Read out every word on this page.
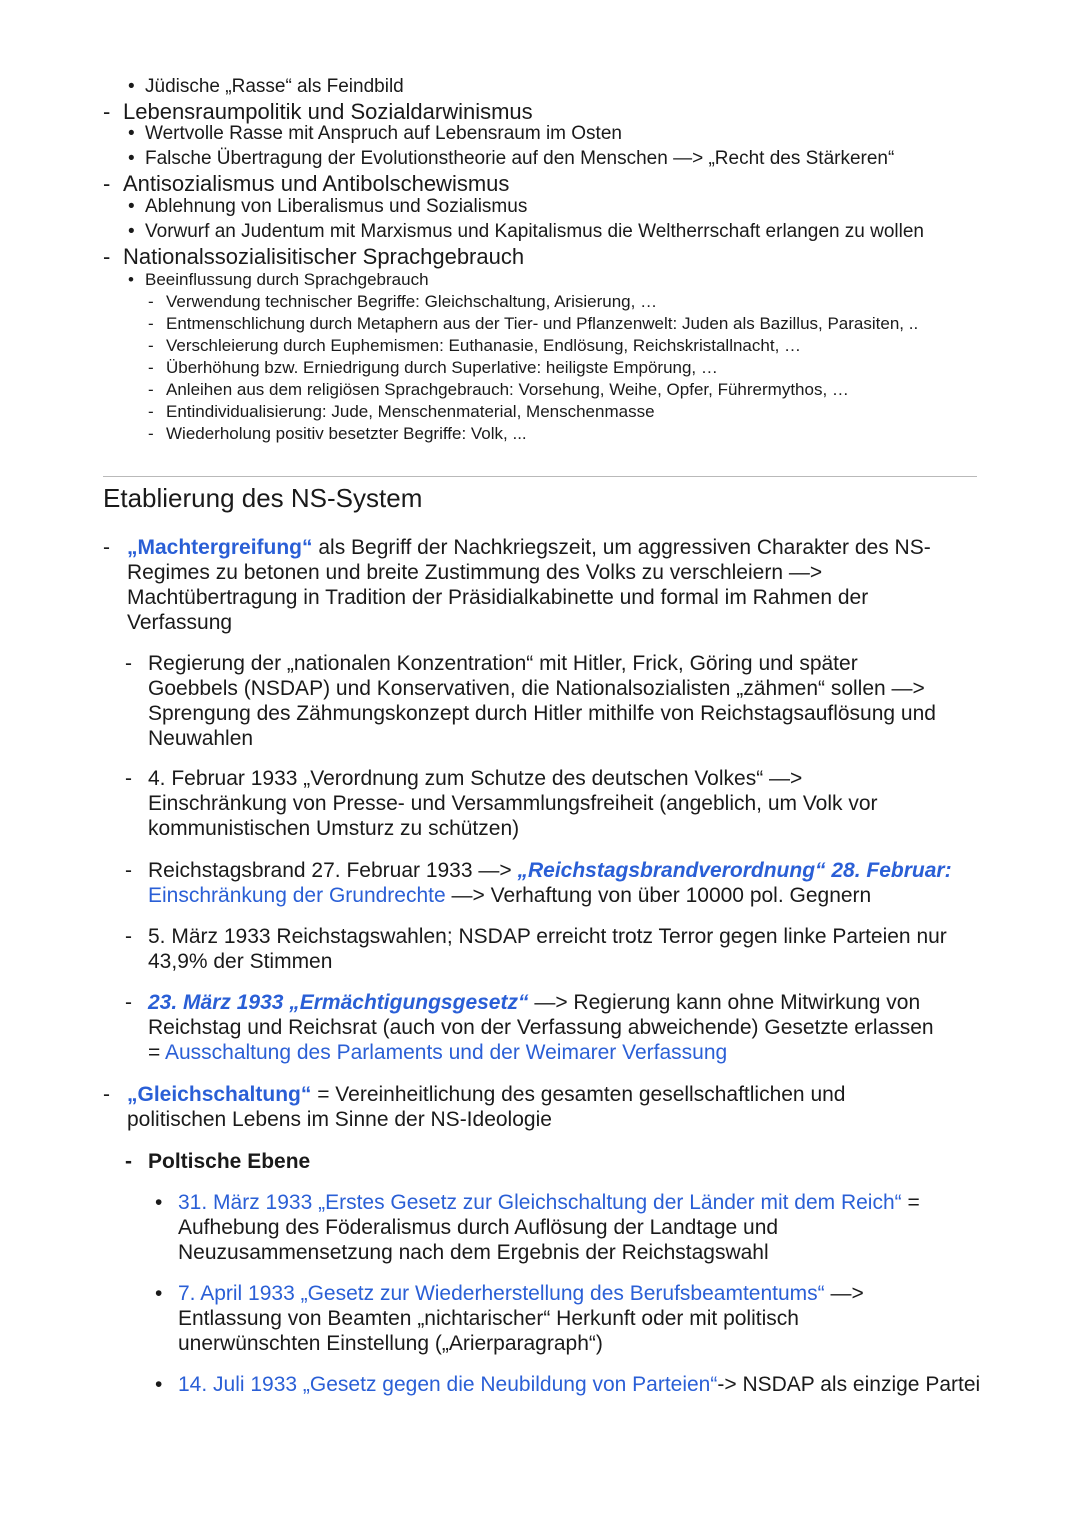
• Jüdische „Rasse“ als Feindbild
- Lebensraumpolitik und Sozialdarwinismus
• Wertvolle Rasse mit Anspruch auf Lebensraum im Osten
• Falsche Übertragung der Evolutionstheorie auf den Menschen —> „Recht des Stärkeren“
- Antisozialismus und Antibolschewismus
• Ablehnung von Liberalismus und Sozialismus
• Vorwurf an Judentum mit Marxismus und Kapitalismus die Weltherrschaft erlangen zu wollen
- Nationalssozialisitischer Sprachgebrauch
• Beeinflussung durch Sprachgebrauch
- Verwendung technischer Begriffe: Gleichschaltung, Arisierung, …
- Entmenschlichung durch Metaphern aus der Tier- und Pflanzenwelt: Juden als Bazillus, Parasiten, ..
- Verschleierung durch Euphemismen: Euthanasie, Endlösung, Reichskristallnacht, …
- Überhöhung bzw. Erniedrigung durch Superlative: heiligste Empörung, …
- Anleihen aus dem religiösen Sprachgebrauch: Vorsehung, Weihe, Opfer, Führermythos, …
- Entindividualisierung: Jude, Menschenmaterial, Menschenmasse
- Wiederholung positiv besetzter Begriffe: Volk, ...
Etablierung des NS-System
- „Machtergreifung“ als Begriff der Nachkriegszeit, um aggressiven Charakter des NS-
Regimes zu betonen und breite Zustimmung des Volks zu verschleiern —>
Machtübertragung in Tradition der Präsidialkabinette und formal im Rahmen der
Verfassung
- Regierung der „nationalen Konzentration“ mit Hitler, Frick, Göring und später
Goebbels (NSDAP) und Konservativen, die Nationalsozialisten „zähmen“ sollen —>
Sprengung des Zähmungskonzept durch Hitler mithilfe von Reichstagsauflösung und
Neuwahlen
- 4. Februar 1933 „Verordnung zum Schutze des deutschen Volkes“ —>
Einschränkung von Presse- und Versammlungsfreiheit (angeblich, um Volk vor
kommunistischen Umsturz zu schützen)
- Reichstagsbrand 27. Februar 1933 —> „Reichstagsbrandverordnung“ 28. Februar:
Einschränkung der Grundrechte —> Verhaftung von über 10000 pol. Gegnern
- 5. März 1933 Reichstagswahlen; NSDAP erreicht trotz Terror gegen linke Parteien nur
43,9% der Stimmen
- 23. März 1933 „Ermächtigungsgesetz“ —> Regierung kann ohne Mitwirkung von
Reichstag und Reichsrat (auch von der Verfassung abweichende) Gesetzte erlassen
= Ausschaltung des Parlaments und der Weimarer Verfassung
- „Gleichschaltung“ = Vereinheitlichung des gesamten gesellschaftlichen und
politischen Lebens im Sinne der NS-Ideologie
- Poltische Ebene
• 31. März 1933 „Erstes Gesetz zur Gleichschaltung der Länder mit dem Reich“ =
Aufhebung des Föderalismus durch Auflösung der Landtage und
Neuzusammensetzung nach dem Ergebnis der Reichstagswahl
• 7. April 1933 „Gesetz zur Wiederherstellung des Berufsbeamtentums“ —>
Entlassung von Beamten „nichtarischer“ Herkunft oder mit politisch
unerwünschten Einstellung („Arierparagraph“)
• 14. Juli 1933 „Gesetz gegen die Neubildung von Parteien“-> NSDAP als einzige Partei
